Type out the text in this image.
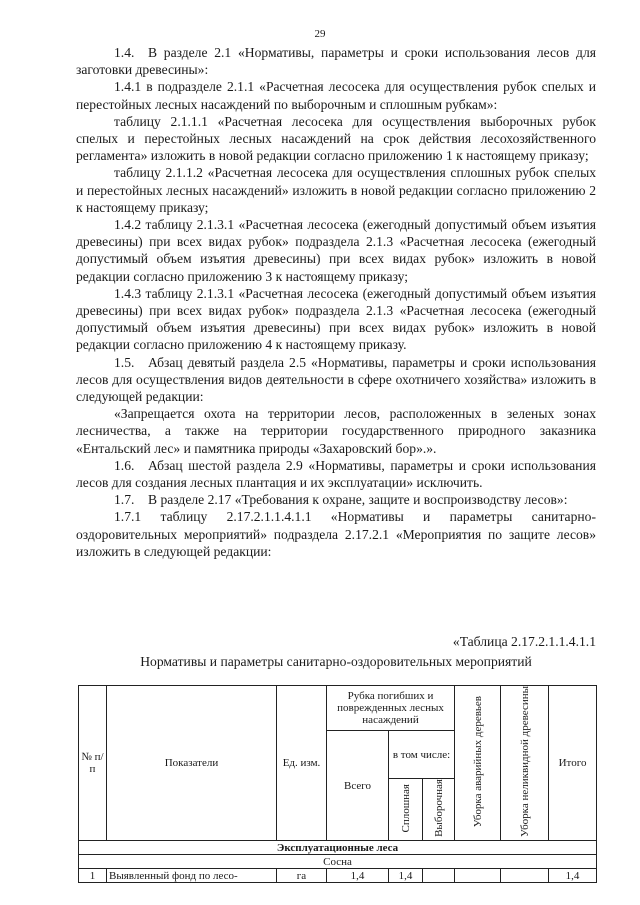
29

1.4. В разделе 2.1 «Нормативы, параметры и сроки использования лесов для заготовки древесины»:

1.4.1 в подразделе 2.1.1 «Расчетная лесосека для осуществления рубок спелых и перестойных лесных насаждений по выборочным и сплошным рубкам»:

таблицу 2.1.1.1 «Расчетная лесосека для осуществления выборочных рубок спелых и перестойных лесных насаждений на срок действия лесохозяйственного регламента» изложить в новой редакции согласно приложению 1 к настоящему приказу;

таблицу 2.1.1.2 «Расчетная лесосека для осуществления сплошных рубок спелых и перестойных лесных насаждений» изложить в новой редакции согласно приложению 2 к настоящему приказу;

1.4.2 таблицу 2.1.3.1 «Расчетная лесосека (ежегодный допустимый объем изъятия древесины) при всех видах рубок» подраздела 2.1.3 «Расчетная лесосека (ежегодный допустимый объем изъятия древесины) при всех видах рубок» изложить в новой редакции согласно приложению 3 к настоящему приказу;

1.4.3 таблицу 2.1.3.1 «Расчетная лесосека (ежегодный допустимый объем изъятия древесины) при всех видах рубок» подраздела 2.1.3 «Расчетная лесосека (ежегодный допустимый объем изъятия древесины) при всех видах рубок» изложить в новой редакции согласно приложению 4 к настоящему приказу.

1.5. Абзац девятый раздела 2.5 «Нормативы, параметры и сроки использования лесов для осуществления видов деятельности в сфере охотничего хозяйства» изложить в следующей редакции:

«Запрещается охота на территории лесов, расположенных в зеленых зонах лесничества, а также на территории государственного природного заказника «Ентальский лес» и памятника природы «Захаровский бор».».

1.6. Абзац шестой раздела 2.9 «Нормативы, параметры и сроки использования лесов для создания лесных плантация и их эксплуатации» исключить.

1.7. В разделе 2.17 «Требования к охране, защите и воспроизводству лесов»:

1.7.1 таблицу 2.17.2.1.1.4.1.1 «Нормативы и параметры санитарно-оздоровительных мероприятий» подраздела 2.17.2.1 «Мероприятия по защите лесов» изложить в следующей редакции:

«Таблица 2.17.2.1.1.4.1.1
Нормативы и параметры санитарно-оздоровительных мероприятий
№ п/п	Показатели	Ед. изм.	Рубка погибших и поврежденных лесных насаждений			Уборка аварийных деревьев	Уборка неликвидной древесины	Итого
			Всего	в том числе:				
				Сплошная	Выборочная			
Эксплуатационные леса								
Сосна								
1	Выявленный фонд по лесо-	га	1,4	1,4				1,4
